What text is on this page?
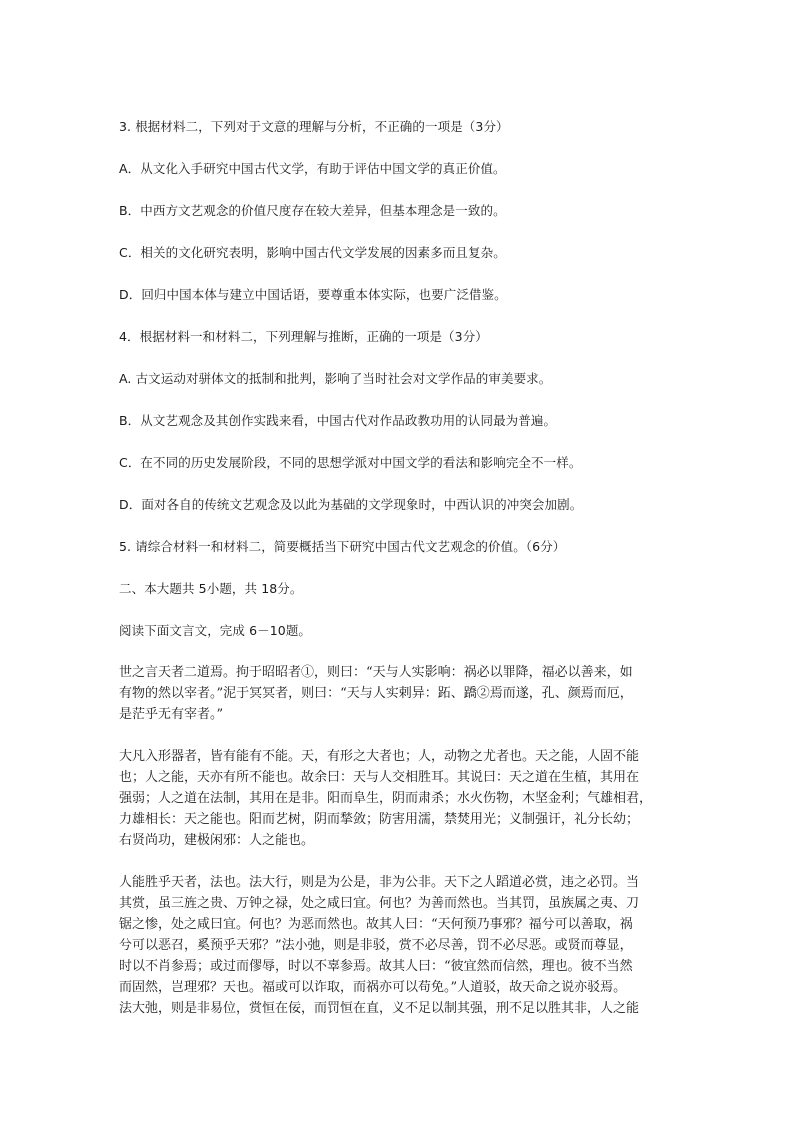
3. 根据材料二，下列对于文意的理解与分析，不正确的一项是（3分）
A．从文化入手研究中国古代文学，有助于评估中国文学的真正价值。
B．中西方文艺观念的价值尺度存在较大差异，但基本理念是一致的。
C．相关的文化研究表明，影响中国古代文学发展的因素多而且复杂。
D．回归中国本体与建立中国话语，要尊重本体实际，也要广泛借鉴。
4．根据材料一和材料二，下列理解与推断，正确的一项是（3分）
A. 古文运动对骈体文的抵制和批判，影响了当时社会对文学作品的审美要求。
B．从文艺观念及其创作实践来看，中国古代对作品政教功用的认同最为普遍。
C．在不同的历史发展阶段，不同的思想学派对中国文学的看法和影响完全不一样。
D．面对各自的传统文艺观念及以此为基础的文学现象时，中西认识的冲突会加剧。
5. 请综合材料一和材料二，简要概括当下研究中国古代文艺观念的价值。（6分）
二、本大题共 5小题，共 18分。
阅读下面文言文，完成 6－10题。
世之言天者二道焉。拘于昭昭者①，则曰：“天与人实影响：祸必以罪降，福必以善来，如
有物的然以宰者。”泥于冥冥者，则曰：“天与人实剌异：跖、蹻②焉而遂，孔、颜焉而厄，
是茫乎无有宰者。”
大凡入形器者，皆有能有不能。天，有形之大者也；人，动物之尤者也。天之能，人固不能
也；人之能，天亦有所不能也。故余曰：天与人交相胜耳。其说曰：天之道在生植，其用在
强弱；人之道在法制，其用在是非。阳而阜生，阴而肃杀；水火伤物，木坚金利；气雄相君，
力雄相长：天之能也。阳而艺树，阴而揫敛；防害用濡，禁焚用光；义制强讦，礼分长幼；
右贤尚功，建极闲邪：人之能也。
人能胜乎天者，法也。法大行，则是为公是，非为公非。天下之人蹈道必赏，违之必罚。当
其赏，虽三旌之贵、万钟之禄，处之咸曰宜。何也？为善而然也。当其罚，虽族属之夷、刀
锯之惨，处之咸曰宜。何也？为恶而然也。故其人曰：“天何预乃事邪？福兮可以善取，祸
兮可以恶召，奚预乎天邪？”法小弛，则是非驳，赏不必尽善，罚不必尽恶。或贤而尊显，
时以不肖参焉；或过而僇辱，时以不辜参焉。故其人曰：“彼宜然而信然，理也。彼不当然
而固然，岂理邪？天也。福或可以诈取，而祸亦可以苟免。”人道驳，故天命之说亦驳焉。
法大弛，则是非易位，赏恒在佞，而罚恒在直，义不足以制其强，刑不足以胜其非，人之能
